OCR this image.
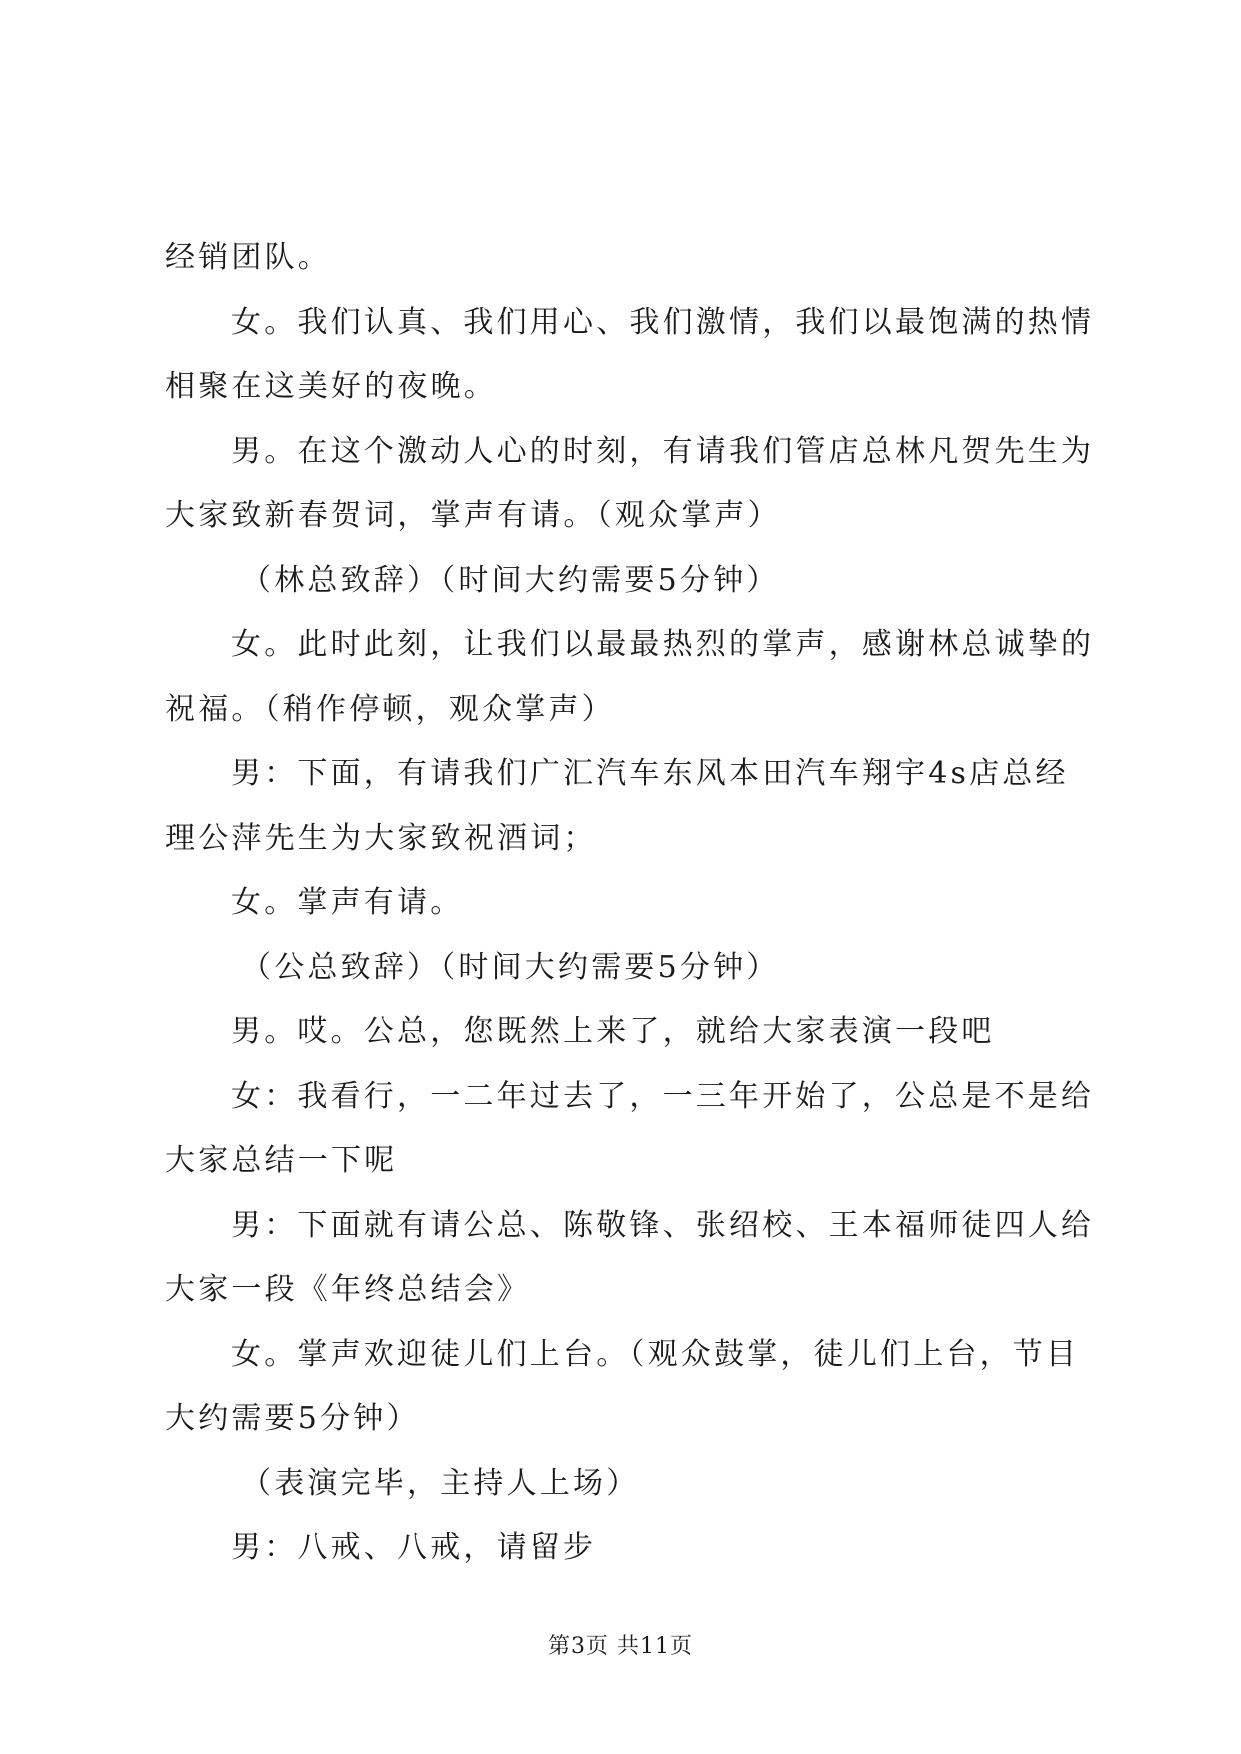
经销团队。
女。我们认真、我们用心、我们激情，我们以最饱满的热情
相聚在这美好的夜晚。
男。在这个激动人心的时刻，有请我们管店总林凡贺先生为
大家致新春贺词，掌声有请。（观众掌声）
（林总致辞）（时间大约需要5分钟）
女。此时此刻，让我们以最最热烈的掌声，感谢林总诚挚的
祝福。（稍作停顿，观众掌声）
男：下面，有请我们广汇汽车东风本田汽车翔宇4s店总经
理公萍先生为大家致祝酒词；
女。掌声有请。
（公总致辞）（时间大约需要5分钟）
男。哎。公总，您既然上来了，就给大家表演一段吧
女：我看行，一二年过去了，一三年开始了，公总是不是给
大家总结一下呢
男：下面就有请公总、陈敬锋、张绍校、王本福师徒四人给
大家一段《年终总结会》
女。掌声欢迎徒儿们上台。（观众鼓掌，徒儿们上台，节目
大约需要5分钟）
（表演完毕，主持人上场）
男：八戒、八戒，请留步
第3页 共11页
